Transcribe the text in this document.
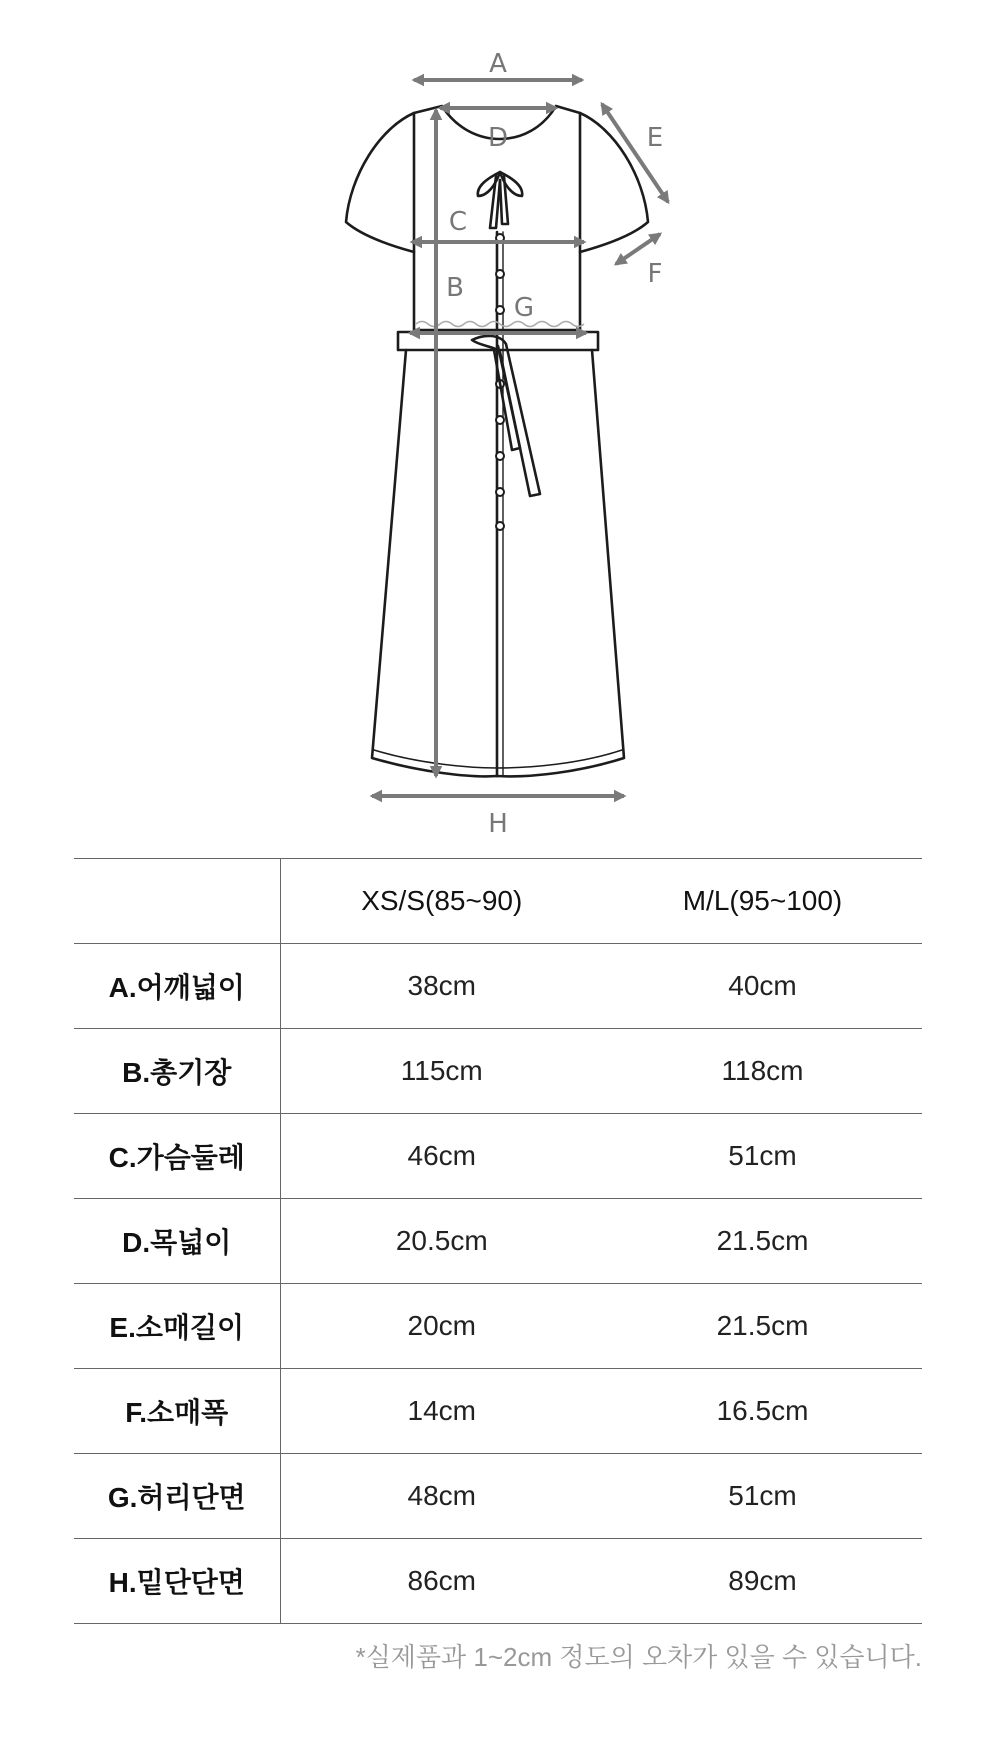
A
D	E
C
F
B
G
H
	XS/S(85~90)	M/L(95~100)
A.어깨넓이	38cm	40cm
B.총기장	115cm	118cm
C.가슴둘레	46cm	51cm
D.목넓이	20.5cm	21.5cm
E.소매길이	20cm	21.5cm
F.소매폭	14cm	16.5cm
G.허리단면	48cm	51cm
H.밑단단면	86cm	89cm
*실제품과 1~2cm 정도의 오차가 있을 수 있습니다.
